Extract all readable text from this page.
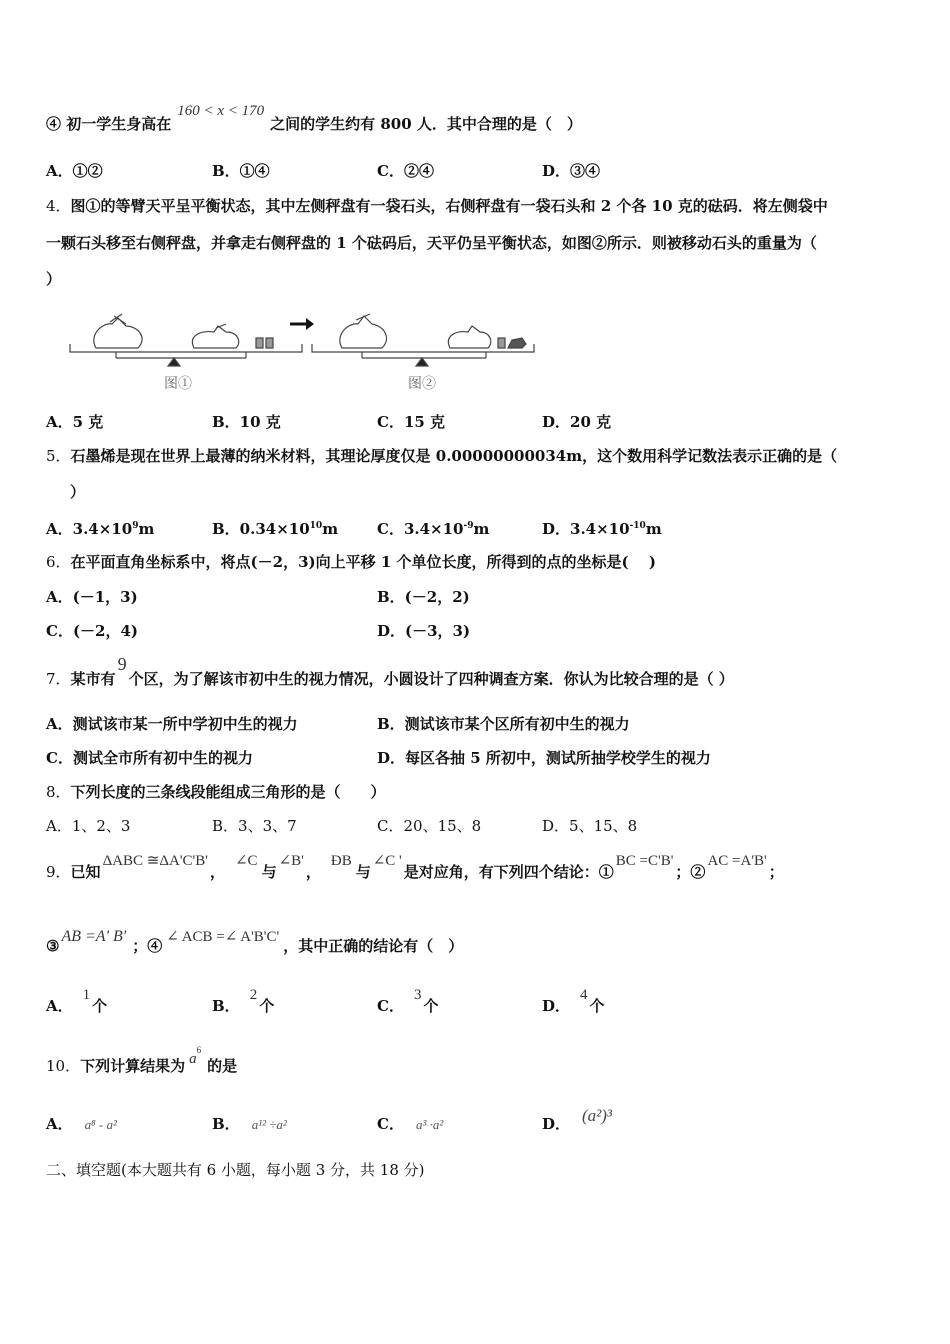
④ 初一学生身高在160 < x < 170之间的学生约有 800 人．其中合理的是（　）
A．①②	B．①④	C．②④	D．③④
4．图①的等臂天平呈平衡状态，其中左侧秤盘有一袋石头，右侧秤盘有一袋石头和 2 个各 10 克的砝码．将左侧袋中
一颗石头移至右侧秤盘，并拿走右侧秤盘的 1 个砝码后，天平仍呈平衡状态，如图②所示．则被移动石头的重量为（
）
图①	图②
A．5 克	B．10 克	C．15 克	D．20 克
5．石墨烯是现在世界上最薄的纳米材料，其理论厚度仅是 0.00000000034m，这个数用科学记数法表示正确的是（
）
A．$3.4\times 10^9m$	B．$0.34\times 10^{10}m$	C．$3.4\times 10^{-9}m$	D．$3.4\times 10^{-10}m$
6．在平面直角坐标系中，将点(－2，3)向上平移 1 个单位长度，所得到的点的坐标是(　 )
A．(－1，3)	B．(－2，2)
C．(－2，4)	D．(－3，3)
7．某市有9个区，为了解该市初中生的视力情况，小圆设计了四种调查方案．你认为比较合理的是（ ）
A．测试该市某一所中学初中生的视力	B．测试该市某个区所有初中生的视力
C．测试全市所有初中生的视力	D．每区各抽 5 所初中，测试所抽学校学生的视力
8．下列长度的三条线段能组成三角形的是（　　）
A．1、2、3	B．3、3、7	C．20、15、8	D．5、15、8
9．已知ΔABC ≅ΔA'C'B'，∠C与∠B'，ÐB与∠C '是对应角，有下列四个结论：①BC =C'B'；②AC =A'B'；
③AB =A' B'；④ ∠ ACB =∠ A'B'C' ，其中正确的结论有（　）
A．1个	B．2个	C．3个	D．4个
10．下列计算结果为 $a^6$的是
A． a⁸ - a²	B． a¹² ÷a²	C． a³ ·a²	D． (a²)³
二、填空题(本大题共有 6 小题，每小题 3 分，共 18 分)
